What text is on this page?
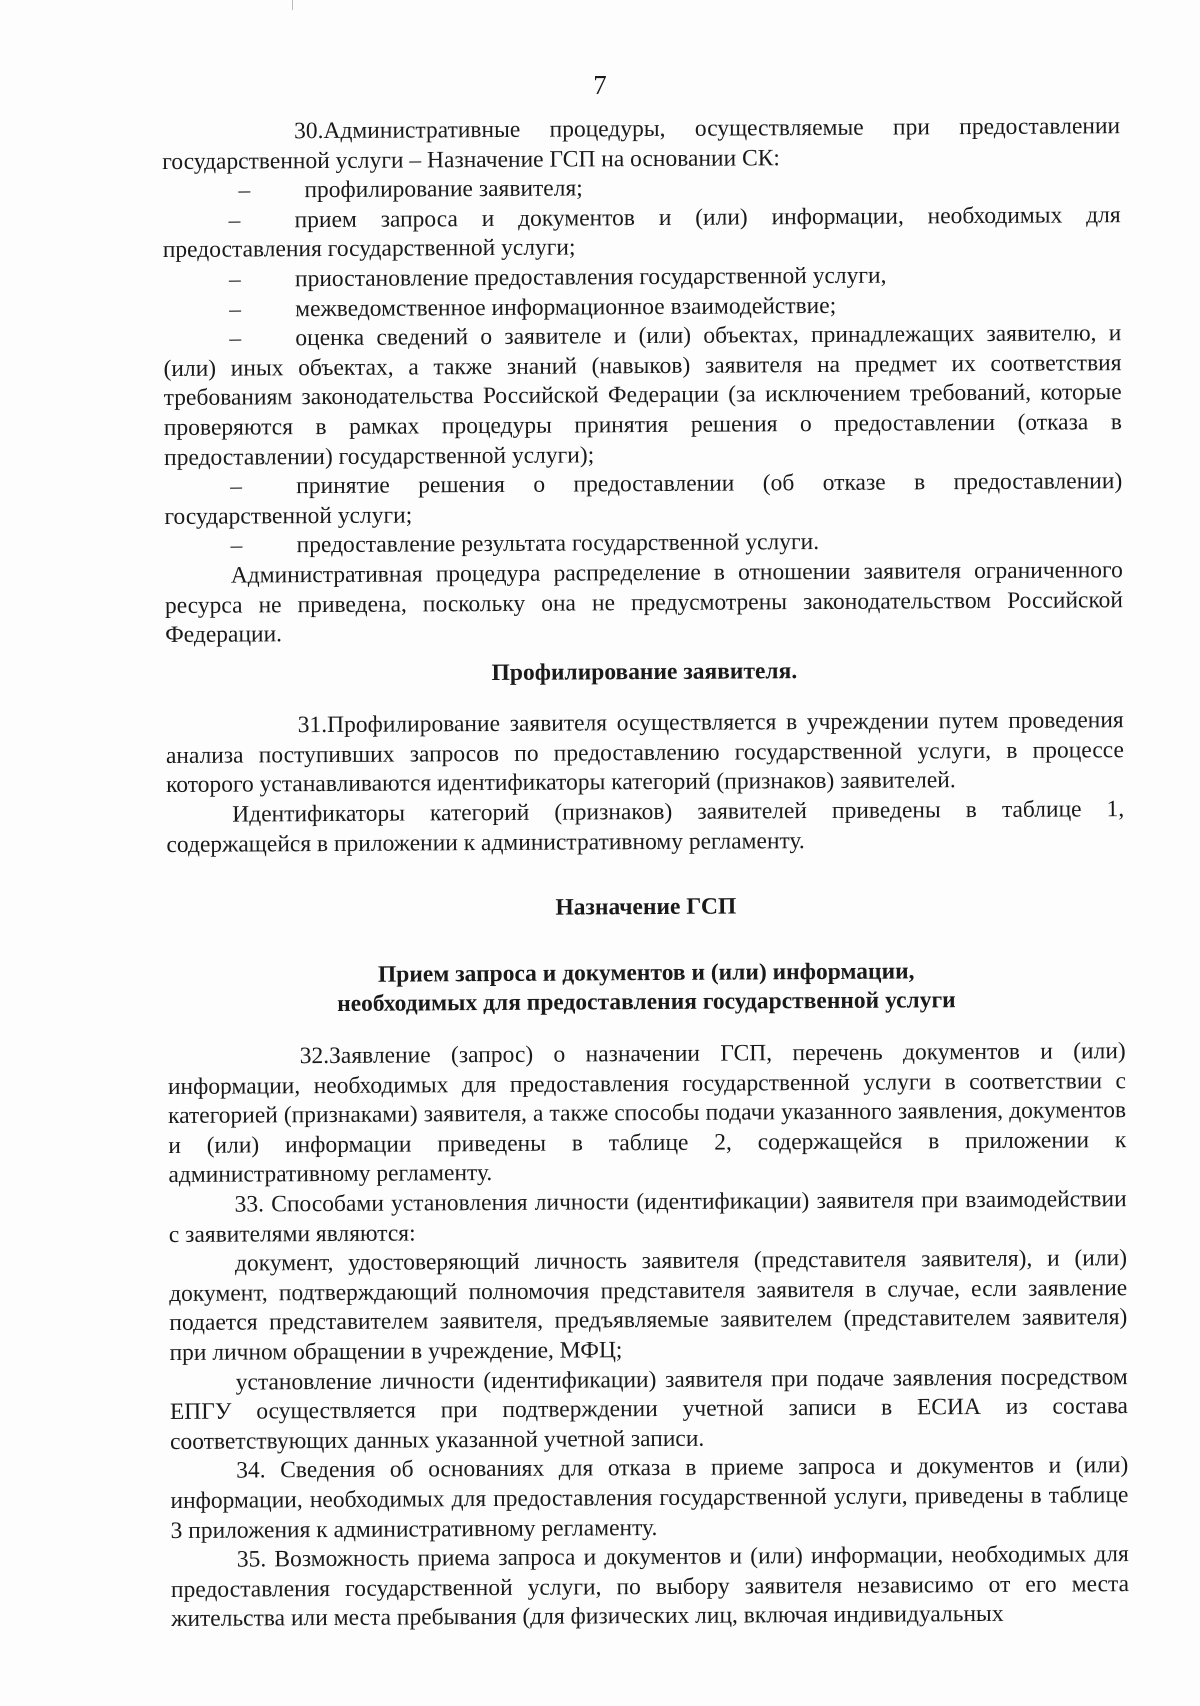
7

30.Административные процедуры, осуществляемые при предоставлении государственной услуги – Назначение ГСП на основании СК:

– профилирование заявителя;

– прием запроса и документов и (или) информации, необходимых для предоставления государственной услуги;

– приостановление предоставления государственной услуги,

– межведомственное информационное взаимодействие;

– оценка сведений о заявителе и (или) объектах, принадлежащих заявителю, и (или) иных объектах, а также знаний (навыков) заявителя на предмет их соответствия требованиям законодательства Российской Федерации (за исключением требований, которые проверяются в рамках процедуры принятия решения о предоставлении (отказа в предоставлении) государственной услуги);

– принятие решения о предоставлении (об отказе в предоставлении) государственной услуги;

– предоставление результата государственной услуги.

Административная процедура распределение в отношении заявителя ограниченного ресурса не приведена, поскольку она не предусмотрены законодательством Российской Федерации.

Профилирование заявителя.

31.Профилирование заявителя осуществляется в учреждении путем проведения анализа поступивших запросов по предоставлению государственной услуги, в процессе которого устанавливаются идентификаторы категорий (признаков) заявителей.

Идентификаторы категорий (признаков) заявителей приведены в таблице 1, содержащейся в приложении к административному регламенту.

Назначение ГСП

Прием запроса и документов и (или) информации,

необходимых для предоставления государственной услуги

32.Заявление (запрос) о назначении ГСП, перечень документов и (или) информации, необходимых для предоставления государственной услуги в соответствии с категорией (признаками) заявителя, а также способы подачи указанного заявления, документов и (или) информации приведены в таблице 2, содержащейся в приложении к административному регламенту.

33. Способами установления личности (идентификации) заявителя при взаимодействии с заявителями являются:

документ, удостоверяющий личность заявителя (представителя заявителя), и (или) документ, подтверждающий полномочия представителя заявителя в случае, если заявление подается представителем заявителя, предъявляемые заявителем (представителем заявителя) при личном обращении в учреждение, МФЦ;

установление личности (идентификации) заявителя при подаче заявления посредством ЕПГУ осуществляется при подтверждении учетной записи в ЕСИА из состава соответствующих данных указанной учетной записи.

34. Сведения об основаниях для отказа в приеме запроса и документов и (или) информации, необходимых для предоставления государственной услуги, приведены в таблице 3 приложения к административному регламенту.

35. Возможность приема запроса и документов и (или) информации, необходимых для предоставления государственной услуги, по выбору заявителя независимо от его места жительства или места пребывания (для физических лиц, включая индивидуальных
